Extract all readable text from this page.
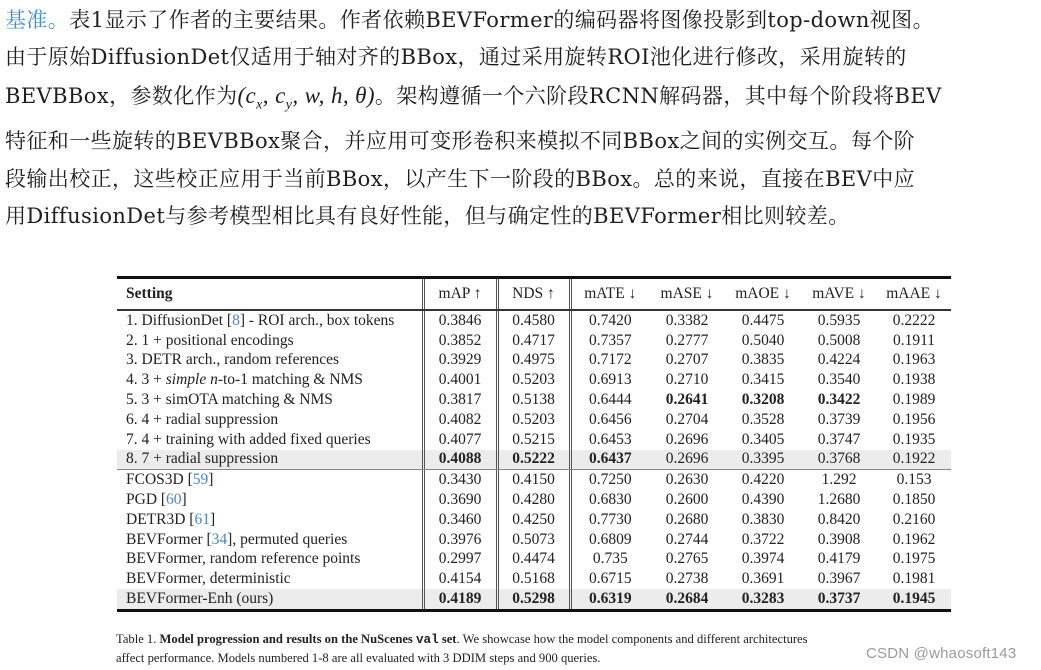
基准。表1显示了作者的主要结果。作者依赖BEVFormer的编码器将图像投影到top-down视图。
由于原始DiffusionDet仅适用于轴对齐的BBox，通过采用旋转ROI池化进行修改，采用旋转的
BEVBBox，参数化作为($c_x$, $c_y$, w, h, θ)。架构遵循一个六阶段RCNN解码器，其中每个阶段将BEV
特征和一些旋转的BEVBBox聚合，并应用可变形卷积来模拟不同BBox之间的实例交互。每个阶
段输出校正，这些校正应用于当前BBox，以产生下一阶段的BBox。总的来说，直接在BEV中应
用DiffusionDet与参考模型相比具有良好性能，但与确定性的BEVFormer相比则较差。
Setting	mAP ↑	NDS ↑	mATE ↓	mASE ↓	mAOE ↓	mAVE ↓	mAAE ↓
1. DiffusionDet [8] - ROI arch., box tokens	0.3846	0.4580	0.7420	0.3382	0.4475	0.5935	0.2222
2. 1 + positional encodings	0.3852	0.4717	0.7357	0.2777	0.5040	0.5008	0.1911
3. DETR arch., random references	0.3929	0.4975	0.7172	0.2707	0.3835	0.4224	0.1963
4. 3 + simple n-to-1 matching & NMS	0.4001	0.5203	0.6913	0.2710	0.3415	0.3540	0.1938
5. 3 + simOTA matching & NMS	0.3817	0.5138	0.6444	0.2641	0.3208	0.3422	0.1989
6. 4 + radial suppression	0.4082	0.5203	0.6456	0.2704	0.3528	0.3739	0.1956
7. 4 + training with added fixed queries	0.4077	0.5215	0.6453	0.2696	0.3405	0.3747	0.1935
8. 7 + radial suppression	0.4088	0.5222	0.6437	0.2696	0.3395	0.3768	0.1922
FCOS3D [59]	0.3430	0.4150	0.7250	0.2630	0.4220	1.292	0.153
PGD [60]	0.3690	0.4280	0.6830	0.2600	0.4390	1.2680	0.1850
DETR3D [61]	0.3460	0.4250	0.7730	0.2680	0.3830	0.8420	0.2160
BEVFormer [34], permuted queries	0.3976	0.5073	0.6809	0.2744	0.3722	0.3908	0.1962
BEVFormer, random reference points	0.2997	0.4474	0.735	0.2765	0.3974	0.4179	0.1975
BEVFormer, deterministic	0.4154	0.5168	0.6715	0.2738	0.3691	0.3967	0.1981
BEVFormer-Enh (ours)	0.4189	0.5298	0.6319	0.2684	0.3283	0.3737	0.1945
Table 1. Model progression and results on the NuScenes val set. We showcase how the model components and different architectures
affect performance. Models numbered 1-8 are all evaluated with 3 DDIM steps and 900 queries.	CSDN @whaosoft143
